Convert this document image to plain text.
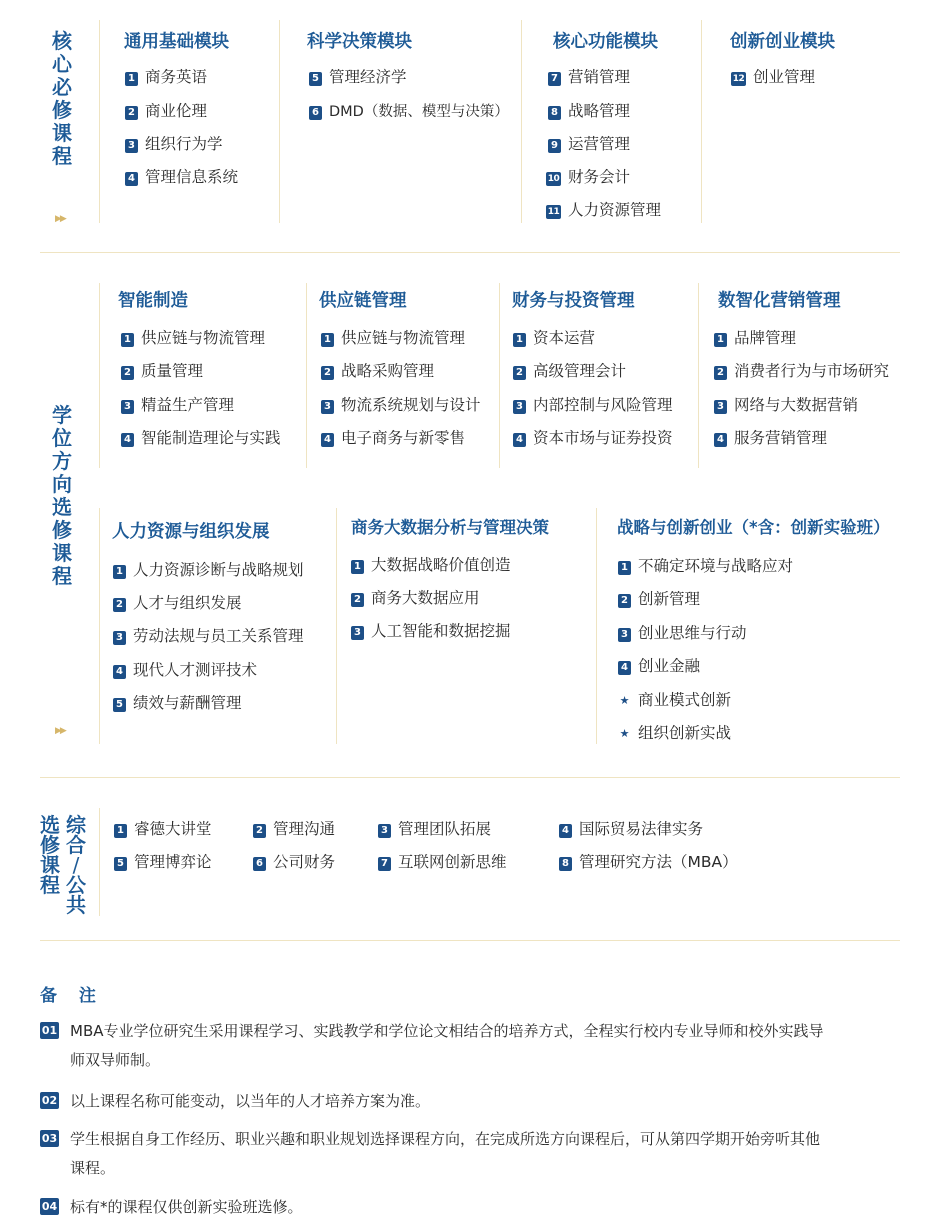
核
心
必
修
课
程
▶▶
通用基础模块
1 商务英语
2 商业伦理
3 组织行为学
4 管理信息系统
科学决策模块
5 管理经济学
6 DMD（数据、模型与决策）
核心功能模块
7 营销管理
8 战略管理
9 运营管理
10 财务会计
11 人力资源管理
创新创业模块
12 创业管理
学
位
方
向
选
修
课
程
▶▶
智能制造
1 供应链与物流管理
2 质量管理
3 精益生产管理
4 智能制造理论与实践
供应链管理
1 供应链与物流管理
2 战略采购管理
3 物流系统规划与设计
4 电子商务与新零售
财务与投资管理
1 资本运营
2 高级管理会计
3 内部控制与风险管理
4 资本市场与证券投资
数智化营销管理
1 品牌管理
2 消费者行为与市场研究
3 网络与大数据营销
4 服务营销管理
人力资源与组织发展
1 人力资源诊断与战略规划
2 人才与组织发展
3 劳动法规与员工关系管理
4 现代人才测评技术
5 绩效与薪酬管理
商务大数据分析与管理决策
1 大数据战略价值创造
2 商务大数据应用
3 人工智能和数据挖掘
战略与创新创业（*含：创新实验班）
1 不确定环境与战略应对
2 创新管理
3 创业思维与行动
4 创业金融
★ 商业模式创新
★ 组织创新实战
综
合
/
公
共
选
修
课
程
1 睿德大讲堂	2 管理沟通	3 管理团队拓展	4 国际贸易法律实务
5 管理博弈论	6 公司财务	7 互联网创新思维	8 管理研究方法（MBA）
备 注
01 MBA专业学位研究生采用课程学习、实践教学和学位论文相结合的培养方式，全程实行校内专业导师和校外实践导师双导师制。
02 以上课程名称可能变动，以当年的人才培养方案为准。
03 学生根据自身工作经历、职业兴趣和职业规划选择课程方向，在完成所选方向课程后，可从第四学期开始旁听其他课程。
04 标有*的课程仅供创新实验班选修。
